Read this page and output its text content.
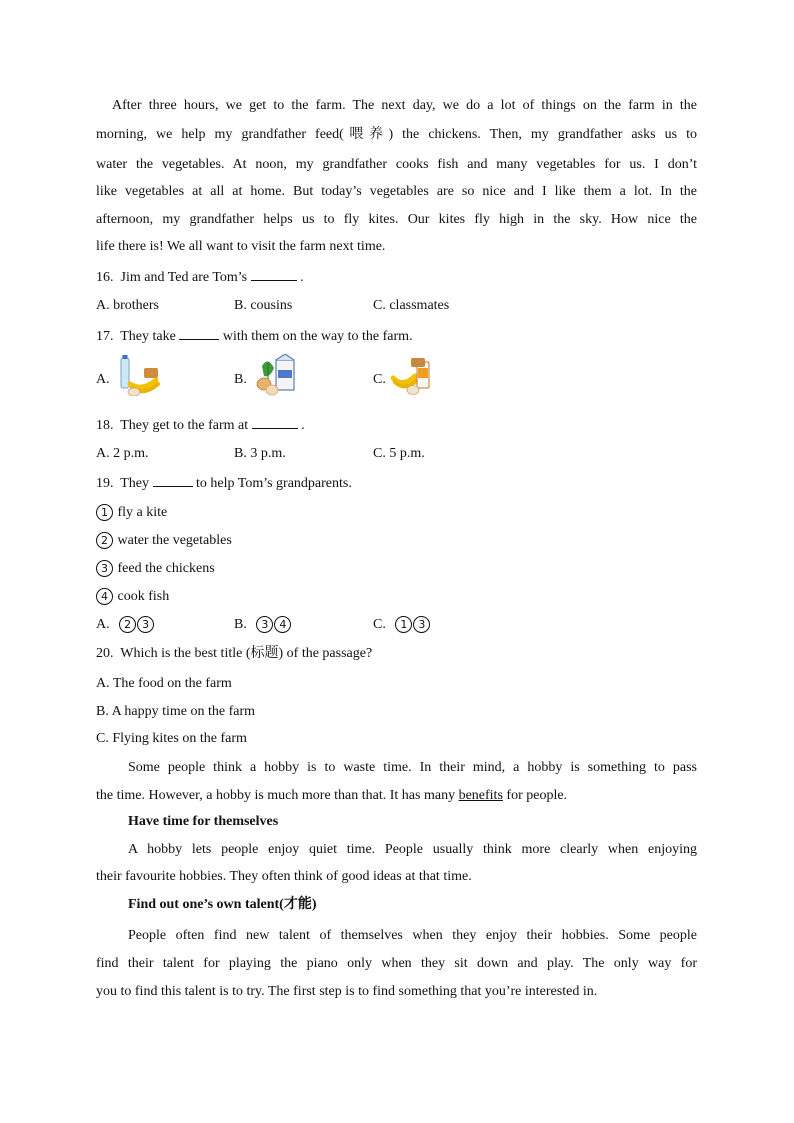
After three hours, we get to the farm. The next day, we do a lot of things on the farm in the
morning, we help my grandfather feed(喂养) the chickens. Then, my grandfather asks us to
water the vegetables. At noon, my grandfather cooks fish and many vegetables for us. I don’t
like vegetables at all at home. But today’s vegetables are so nice and I like them a lot. In the
afternoon, my grandfather helps us to fly kites. Our kites fly high in the sky. How nice the
life there is! We all want to visit the farm next time.
16. Jim and Ted are Tom’s	.
A. brothers	B. cousins	C. classmates
17. They take	with them on the way to the farm.
A.	B.	C.
18. They get to the farm at	.
A. 2 p.m.	B. 3 p.m.	C. 5 p.m.
19. They	to help Tom’s grandparents.
1 fly a kite
2 water the vegetables
3 feed the chickens
4 cook fish
A. 2 3	B. 3 4	C. 1 3
20. Which is the best title (标题) of the passage?
A. The food on the farm
B. A happy time on the farm
C. Flying kites on the farm
Some people think a hobby is to waste time. In their mind, a hobby is something to pass
the time. However, a hobby is much more than that. It has many benefits for people.
Have time for themselves
A hobby lets people enjoy quiet time. People usually think more clearly when enjoying
their favourite hobbies. They often think of good ideas at that time.
Find out one’s own talent(才能)
People often find new talent of themselves when they enjoy their hobbies. Some people
find their talent for playing the piano only when they sit down and play. The only way for
you to find this talent is to try. The first step is to find something that you’re interested in.
